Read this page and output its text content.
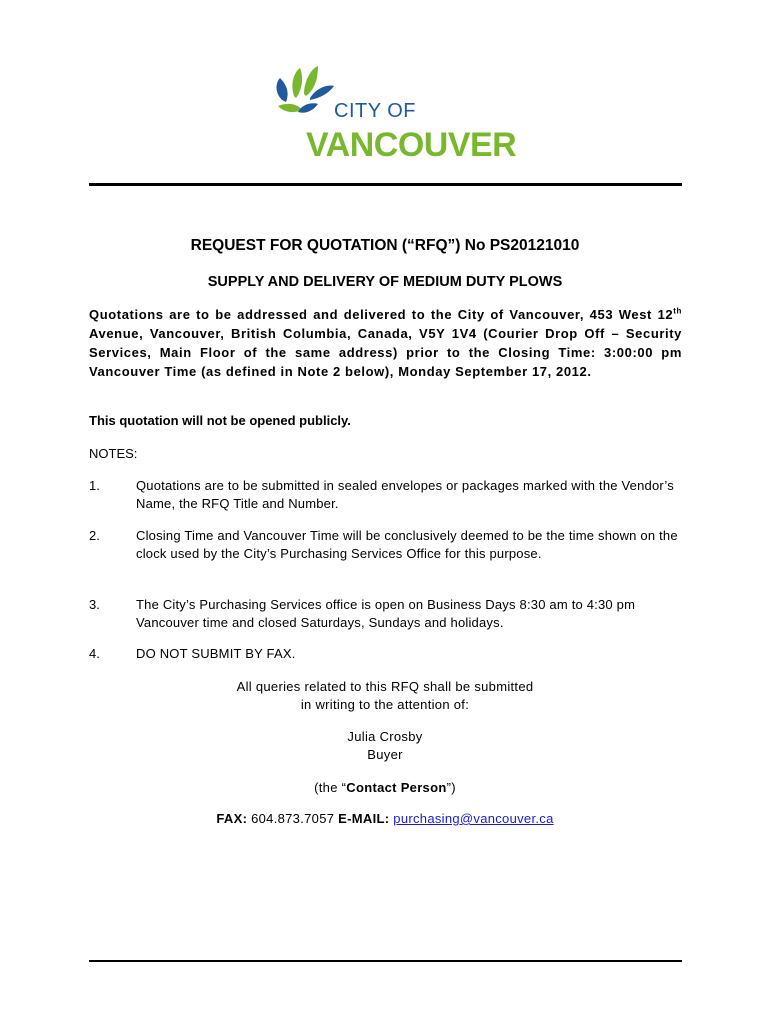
CITY OF
VANCOUVER
REQUEST FOR QUOTATION (“RFQ”) No PS20121010
SUPPLY AND DELIVERY OF MEDIUM DUTY PLOWS
Quotations are to be addressed and delivered to the City of Vancouver, 453 West 12th Avenue, Vancouver, British Columbia, Canada, V5Y 1V4 (Courier Drop Off – Security Services, Main Floor of the same address) prior to the Closing Time: 3:00:00 pm Vancouver Time (as defined in Note 2 below), Monday September 17, 2012.
This quotation will not be opened publicly.
NOTES:
1.	Quotations are to be submitted in sealed envelopes or packages marked with the Vendor’s Name, the RFQ Title and Number.
2.	Closing Time and Vancouver Time will be conclusively deemed to be the time shown on the clock used by the City’s Purchasing Services Office for this purpose.
3.	The City’s Purchasing Services office is open on Business Days 8:30 am to 4:30 pm Vancouver time and closed Saturdays, Sundays and holidays.
4.	DO NOT SUBMIT BY FAX.
All queries related to this RFQ shall be submitted
in writing to the attention of:
Julia Crosby
Buyer
(the “Contact Person”)
FAX: 604.873.7057 E-MAIL: purchasing@vancouver.ca
